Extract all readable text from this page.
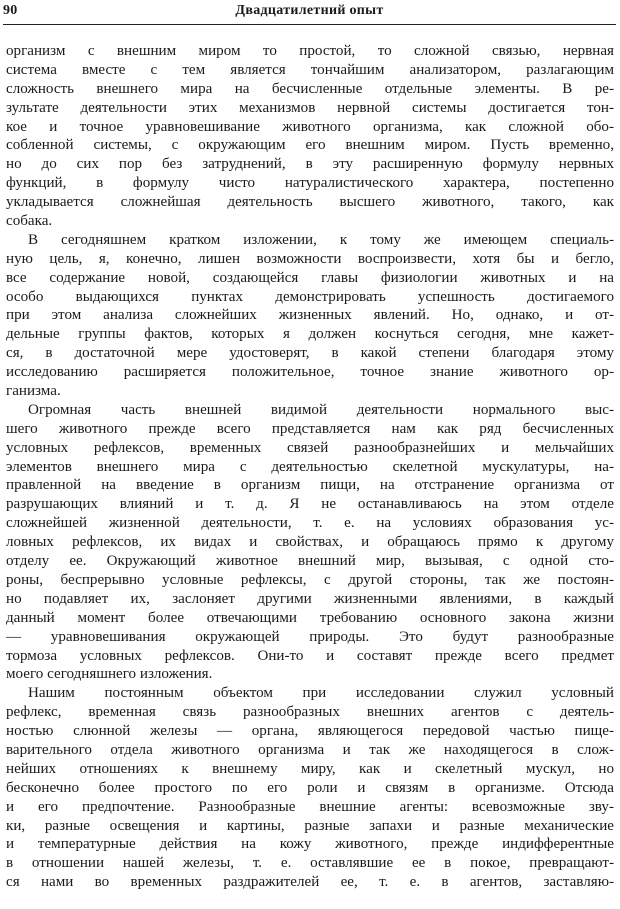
90	Двадцатилетний опыт
организм с внешним миром то простой, то сложной связью, нервная
система вместе с тем является тончайшим анализатором, разлагающим
сложность внешнего мира на бесчисленные отдельные элементы. В ре-
зультате деятельности этих механизмов нервной системы достигается тон-
кое и точное уравновешивание животного организма, как сложной обо-
собленной системы, с окружающим его внешним миром. Пусть временно,
но до сих пор без затруднений, в эту расширенную формулу нервных
функций, в формулу чисто натуралистического характера, постепенно
укладывается сложнейшая деятельность высшего животного, такого, как
собака.
В сегодняшнем кратком изложении, к тому же имеющем специаль-
ную цель, я, конечно, лишен возможности воспроизвести, хотя бы и бегло,
все содержание новой, создающейся главы физиологии животных и на
особо выдающихся пунктах демонстрировать успешность достигаемого
при этом анализа сложнейших жизненных явлений. Но, однако, и от-
дельные группы фактов, которых я должен коснуться сегодня, мне кажет-
ся, в достаточной мере удостоверят, в какой степени благодаря этому
исследованию расширяется положительное, точное знание животного ор-
ганизма.
Огромная часть внешней видимой деятельности нормального выс-
шего животного прежде всего представляется нам как ряд бесчисленных
условных рефлексов, временных связей разнообразнейших и мельчайших
элементов внешнего мира с деятельностью скелетной мускулатуры, на-
правленной на введение в организм пищи, на отстранение организма от
разрушающих влияний и т. д. Я не останавливаюсь на этом отделе
сложнейшей жизненной деятельности, т. е. на условиях образования ус-
ловных рефлексов, их видах и свойствах, и обращаюсь прямо к другому
отделу ее. Окружающий животное внешний мир, вызывая, с одной сто-
роны, беспрерывно условные рефлексы, с другой стороны, так же постоян-
но подавляет их, заслоняет другими жизненными явлениями, в каждый
данный момент более отвечающими требованию основного закона жизни
— уравновешивания окружающей природы. Это будут разнообразные
тормоза условных рефлексов. Они-то и составят прежде всего предмет
моего сегодняшнего изложения.
Нашим постоянным объектом при исследовании служил условный
рефлекс, временная связь разнообразных внешних агентов с деятель-
ностью слюнной железы — органа, являющегося передовой частью пище-
варительного отдела животного организма и так же находящегося в слож-
нейших отношениях к внешнему миру, как и скелетный мускул, но
бесконечно более простого по его роли и связям в организме. Отсюда
и его предпочтение. Разнообразные внешние агенты: всевозможные зву-
ки, разные освещения и картины, разные запахи и разные механические
и температурные действия на кожу животного, прежде индифферентные
в отношении нашей железы, т. е. оставлявшие ее в покое, превращают-
ся нами во временных раздражителей ее, т. е. в агентов, заставляю-
